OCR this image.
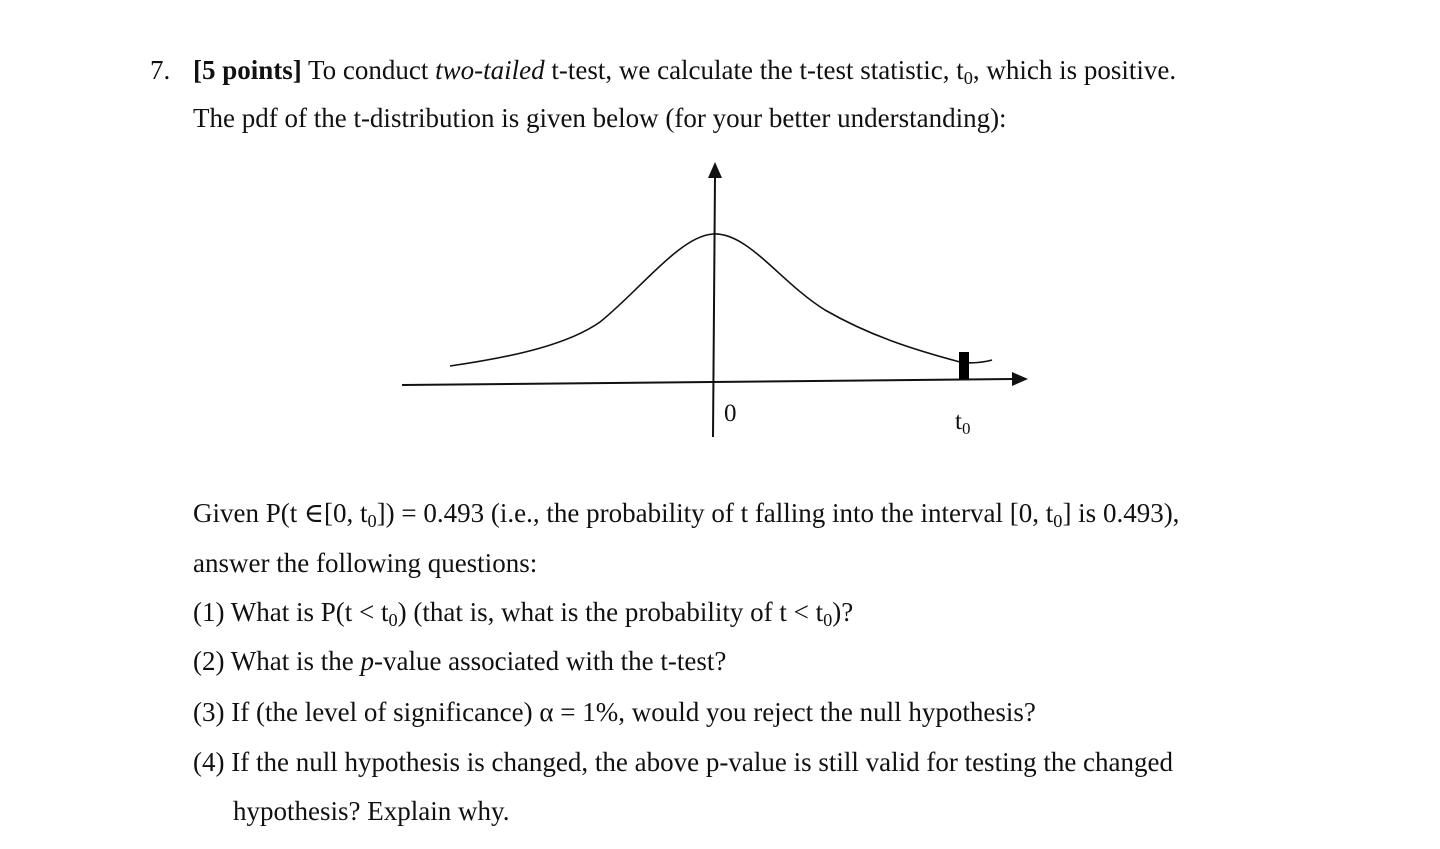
7. [5 points] To conduct two-tailed t-test, we calculate the t-test statistic, $t_0$, which is positive.
The pdf of the t-distribution is given below (for your better understanding):
0	$t_0$
Given P(t ∈[0, $t_0]) = 0.493$ (i.e., the probability of t falling into the interval [0, $t_0$] is 0.493),
answer the following questions:
(1) What is $P(t < t_0)$ (that is, what is the probability of $t < t_0$)?
(2) What is the p-value associated with the t-test?
(3) If (the level of significance) α = 1%, would you reject the null hypothesis?
(4) If the null hypothesis is changed, the above p-value is still valid for testing the changed
hypothesis? Explain why.
